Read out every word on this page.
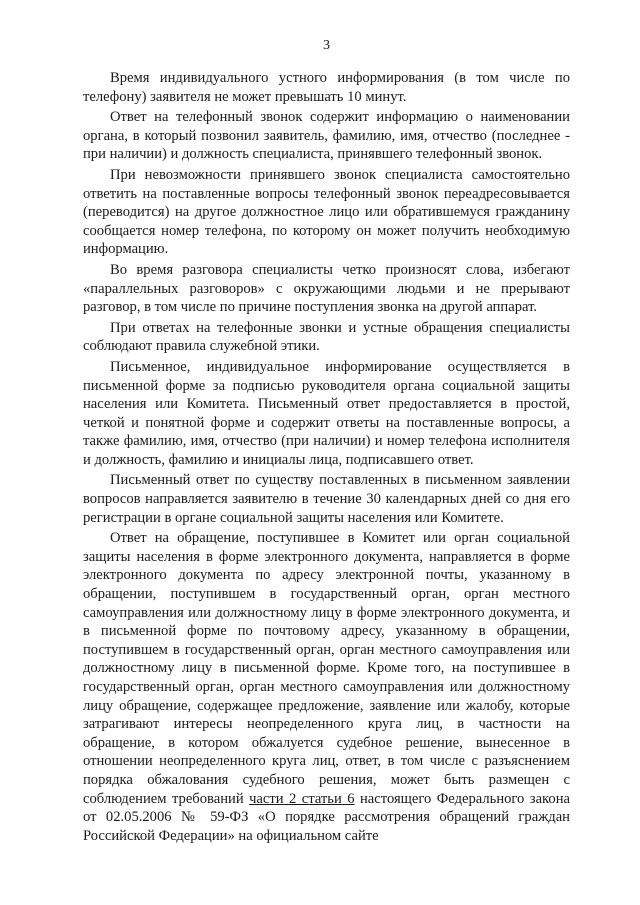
3

Время индивидуального устного информирования (в том числе по телефону) заявителя не может превышать 10 минут.

Ответ на телефонный звонок содержит информацию о наименовании органа, в который позвонил заявитель, фамилию, имя, отчество (последнее - при наличии) и должность специалиста, принявшего телефонный звонок.

При невозможности принявшего звонок специалиста самостоятельно ответить на поставленные вопросы телефонный звонок переадресовывается (переводится) на другое должностное лицо или обратившемуся гражданину сообщается номер телефона, по которому он может получить необходимую информацию.

Во время разговора специалисты четко произносят слова, избегают «параллельных разговоров» с окружающими людьми и не прерывают разговор, в том числе по причине поступления звонка на другой аппарат.

При ответах на телефонные звонки и устные обращения специалисты соблюдают правила служебной этики.

Письменное, индивидуальное информирование осуществляется в письменной форме за подписью руководителя органа социальной защиты населения или Комитета. Письменный ответ предоставляется в простой, четкой и понятной форме и содержит ответы на поставленные вопросы, а также фамилию, имя, отчество (при наличии) и номер телефона исполнителя и должность, фамилию и инициалы лица, подписавшего ответ.

Письменный ответ по существу поставленных в письменном заявлении вопросов направляется заявителю в течение 30 календарных дней со дня его регистрации в органе социальной защиты населения или Комитете.

Ответ на обращение, поступившее в Комитет или орган социальной защиты населения в форме электронного документа, направляется в форме электронного документа по адресу электронной почты, указанному в обращении, поступившем в государственный орган, орган местного самоуправления или должностному лицу в форме электронного документа, и в письменной форме по почтовому адресу, указанному в обращении, поступившем в государственный орган, орган местного самоуправления или должностному лицу в письменной форме. Кроме того, на поступившее в государственный орган, орган местного самоуправления или должностному лицу обращение, содержащее предложение, заявление или жалобу, которые затрагивают интересы неопределенного круга лиц, в частности на обращение, в котором обжалуется судебное решение, вынесенное в отношении неопределенного круга лиц, ответ, в том числе с разъяснением порядка обжалования судебного решения, может быть размещен с соблюдением требований части 2 статьи 6 настоящего Федерального закона от 02.05.2006 № 59-ФЗ «О порядке рассмотрения обращений граждан Российской Федерации» на официальном сайте
